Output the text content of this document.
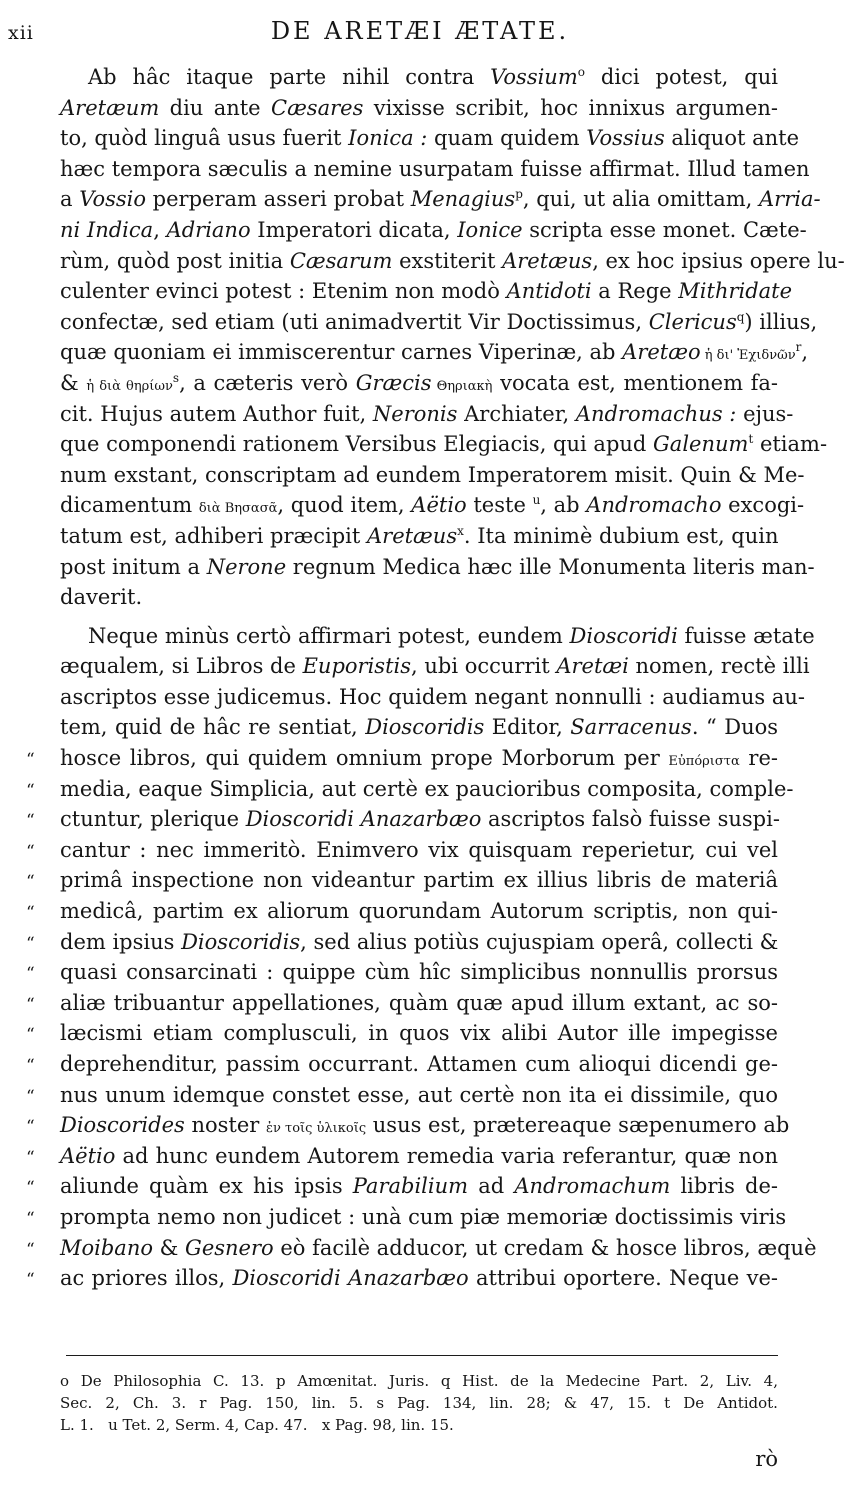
xii	DE ARETÆI ÆTATE.
Ab hâc itaque parte nihil contra Vossium$^o$ dici potest, qui
Aretæum diu ante Cæsares vixisse scribit, hoc innixus argumen-
to, quòd linguâ usus fuerit Ionica : quam quidem Vossius aliquot ante
hæc tempora sæculis a nemine usurpatam fuisse affirmat. Illud tamen
a Vossio perperam asseri probat Menagius$^p$, qui, ut alia omittam, Arria-
ni Indica, Adriano Imperatori dicata, Ionice scripta esse monet. Cæte-
rùm, quòd post initia Cæsarum exstiterit Aretæus, ex hoc ipsius opere lu-
culenter evinci potest : Etenim non modò Antidoti a Rege Mithridate
confectæ, sed etiam (uti animadvertit Vir Doctissimus, Clericus$^q$) illius,
quæ quoniam ei immiscerentur carnes Viperinæ, ab Aretæo ἡ δι' Ἐχιδνῶν$^r$,
& ἡ διὰ θηρίων$^s$, a cæteris verò Græcis Θηριακὴ vocata est, mentionem fa-
cit. Hujus autem Author fuit, Neronis Archiater, Andromachus : ejus-
que componendi rationem Versibus Elegiacis, qui apud Galenum$^t$ etiam-
num exstant, conscriptam ad eundem Imperatorem misit. Quin & Me-
dicamentum διὰ Βησασᾶ, quod item, Aëtio teste $^u$, ab Andromacho excogi-
tatum est, adhiberi præcipit Aretæus$^x$. Ita minimè dubium est, quin
post initum a Nerone regnum Medica hæc ille Monumenta literis man-
daverit.
Neque minùs certò affirmari potest, eundem Dioscoridi fuisse ætate
æqualem, si Libros de Euporistis, ubi occurrit Aretæi nomen, rectè illi
ascriptos esse judicemus. Hoc quidem negant nonnulli : audiamus au-
tem, quid de hâc re sentiat, Dioscoridis Editor, Sarracenus. “ Duos
“ hosce libros, qui quidem omnium prope Morborum per Εὐπόριστα re-
“ media, eaque Simplicia, aut certè ex paucioribus composita, comple-
“ ctuntur, plerique Dioscoridi Anazarbæo ascriptos falsò fuisse suspi-
“ cantur : nec immeritò. Enimvero vix quisquam reperietur, cui vel
“ primâ inspectione non videantur partim ex illius libris de materiâ
“ medicâ, partim ex aliorum quorundam Autorum scriptis, non qui-
“ dem ipsius Dioscoridis, sed alius potiùs cujuspiam operâ, collecti &
“ quasi consarcinati : quippe cùm hîc simplicibus nonnullis prorsus
“ aliæ tribuantur appellationes, quàm quæ apud illum extant, ac so-
“ læcismi etiam complusculi, in quos vix alibi Autor ille impegisse
“ deprehenditur, passim occurrant. Attamen cum alioqui dicendi ge-
“ nus unum idemque constet esse, aut certè non ita ei dissimile, quo
“ Dioscorides noster ἐν τοῖς ὑλικοῖς usus est, prætereaque sæpenumero ab
“ Aëtio ad hunc eundem Autorem remedia varia referantur, quæ non
“ aliunde quàm ex his ipsis Parabilium ad Andromachum libris de-
“ prompta nemo non judicet : unà cum piæ memoriæ doctissimis viris
“ Moibano & Gesnero eò facilè adducor, ut credam & hosce libros, æquè
“ ac priores illos, Dioscoridi Anazarbæo attribui oportere. Neque ve-
o De Philosophia C. 13. p Amœnitat. Juris. q Hist. de la Medecine Part. 2, Liv. 4,
Sec. 2, Ch. 3. r Pag. 150, lin. 5. s Pag. 134, lin. 28; & 47, 15. t De Antidot.
L. 1. u Tet. 2, Serm. 4, Cap. 47. x Pag. 98, lin. 15.
rò
